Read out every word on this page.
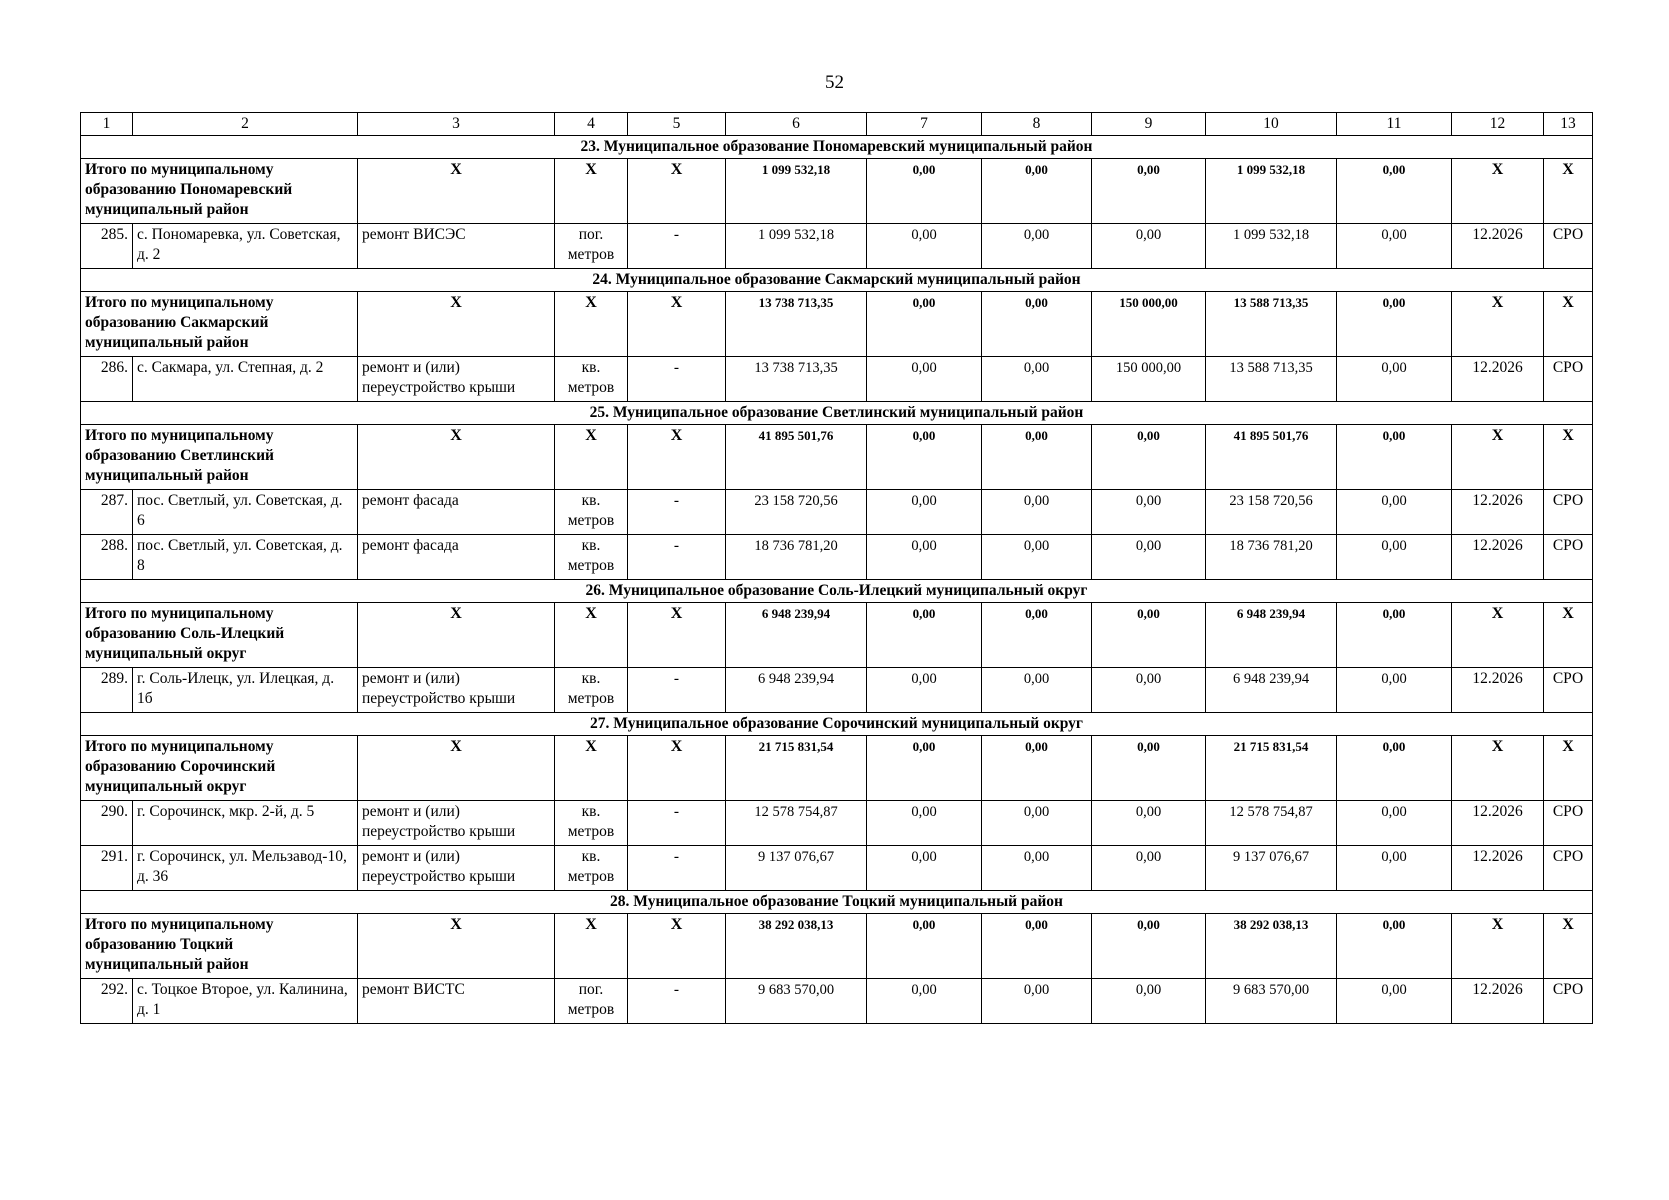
52
1	2	3	4	5	6	7	8	9	10	11	12	13
23. Муниципальное образование Пономаревский муниципальный район												
Итого по муниципальному образованию Пономаревский муниципальный район		X	X	X	1 099 532,18	0,00	0,00	0,00	1 099 532,18	0,00	X	X
285.	с. Пономаревка, ул. Советская, д. 2	ремонт ВИСЭС	пог. метров	-	1 099 532,18	0,00	0,00	0,00	1 099 532,18	0,00	12.2026	СРО
24. Муниципальное образование Сакмарский муниципальный район												
Итого по муниципальному образованию Сакмарский муниципальный район		X	X	X	13 738 713,35	0,00	0,00	150 000,00	13 588 713,35	0,00	X	X
286.	с. Сакмара, ул. Степная, д. 2	ремонт и (или) переустройство крыши	кв. метров	-	13 738 713,35	0,00	0,00	150 000,00	13 588 713,35	0,00	12.2026	СРО
25. Муниципальное образование Светлинский муниципальный район												
Итого по муниципальному образованию Светлинский муниципальный район		X	X	X	41 895 501,76	0,00	0,00	0,00	41 895 501,76	0,00	X	X
287.	пос. Светлый, ул. Советская, д. 6	ремонт фасада	кв. метров	-	23 158 720,56	0,00	0,00	0,00	23 158 720,56	0,00	12.2026	СРО
288.	пос. Светлый, ул. Советская, д. 8	ремонт фасада	кв. метров	-	18 736 781,20	0,00	0,00	0,00	18 736 781,20	0,00	12.2026	СРО
26. Муниципальное образование Соль-Илецкий муниципальный округ												
Итого по муниципальному образованию Соль-Илецкий муниципальный округ		X	X	X	6 948 239,94	0,00	0,00	0,00	6 948 239,94	0,00	X	X
289.	г. Соль-Илецк, ул. Илецкая, д. 1б	ремонт и (или) переустройство крыши	кв. метров	-	6 948 239,94	0,00	0,00	0,00	6 948 239,94	0,00	12.2026	СРО
27. Муниципальное образование Сорочинский муниципальный округ												
Итого по муниципальному образованию Сорочинский муниципальный округ		X	X	X	21 715 831,54	0,00	0,00	0,00	21 715 831,54	0,00	X	X
290.	г. Сорочинск, мкр. 2-й, д. 5	ремонт и (или) переустройство крыши	кв. метров	-	12 578 754,87	0,00	0,00	0,00	12 578 754,87	0,00	12.2026	СРО
291.	г. Сорочинск, ул. Мельзавод-10, д. 36	ремонт и (или) переустройство крыши	кв. метров	-	9 137 076,67	0,00	0,00	0,00	9 137 076,67	0,00	12.2026	СРО
28. Муниципальное образование Тоцкий муниципальный район												
Итого по муниципальному образованию Тоцкий муниципальный район		X	X	X	38 292 038,13	0,00	0,00	0,00	38 292 038,13	0,00	X	X
292.	с. Тоцкое Второе, ул. Калинина, д. 1	ремонт ВИСТС	пог. метров	-	9 683 570,00	0,00	0,00	0,00	9 683 570,00	0,00	12.2026	СРО
